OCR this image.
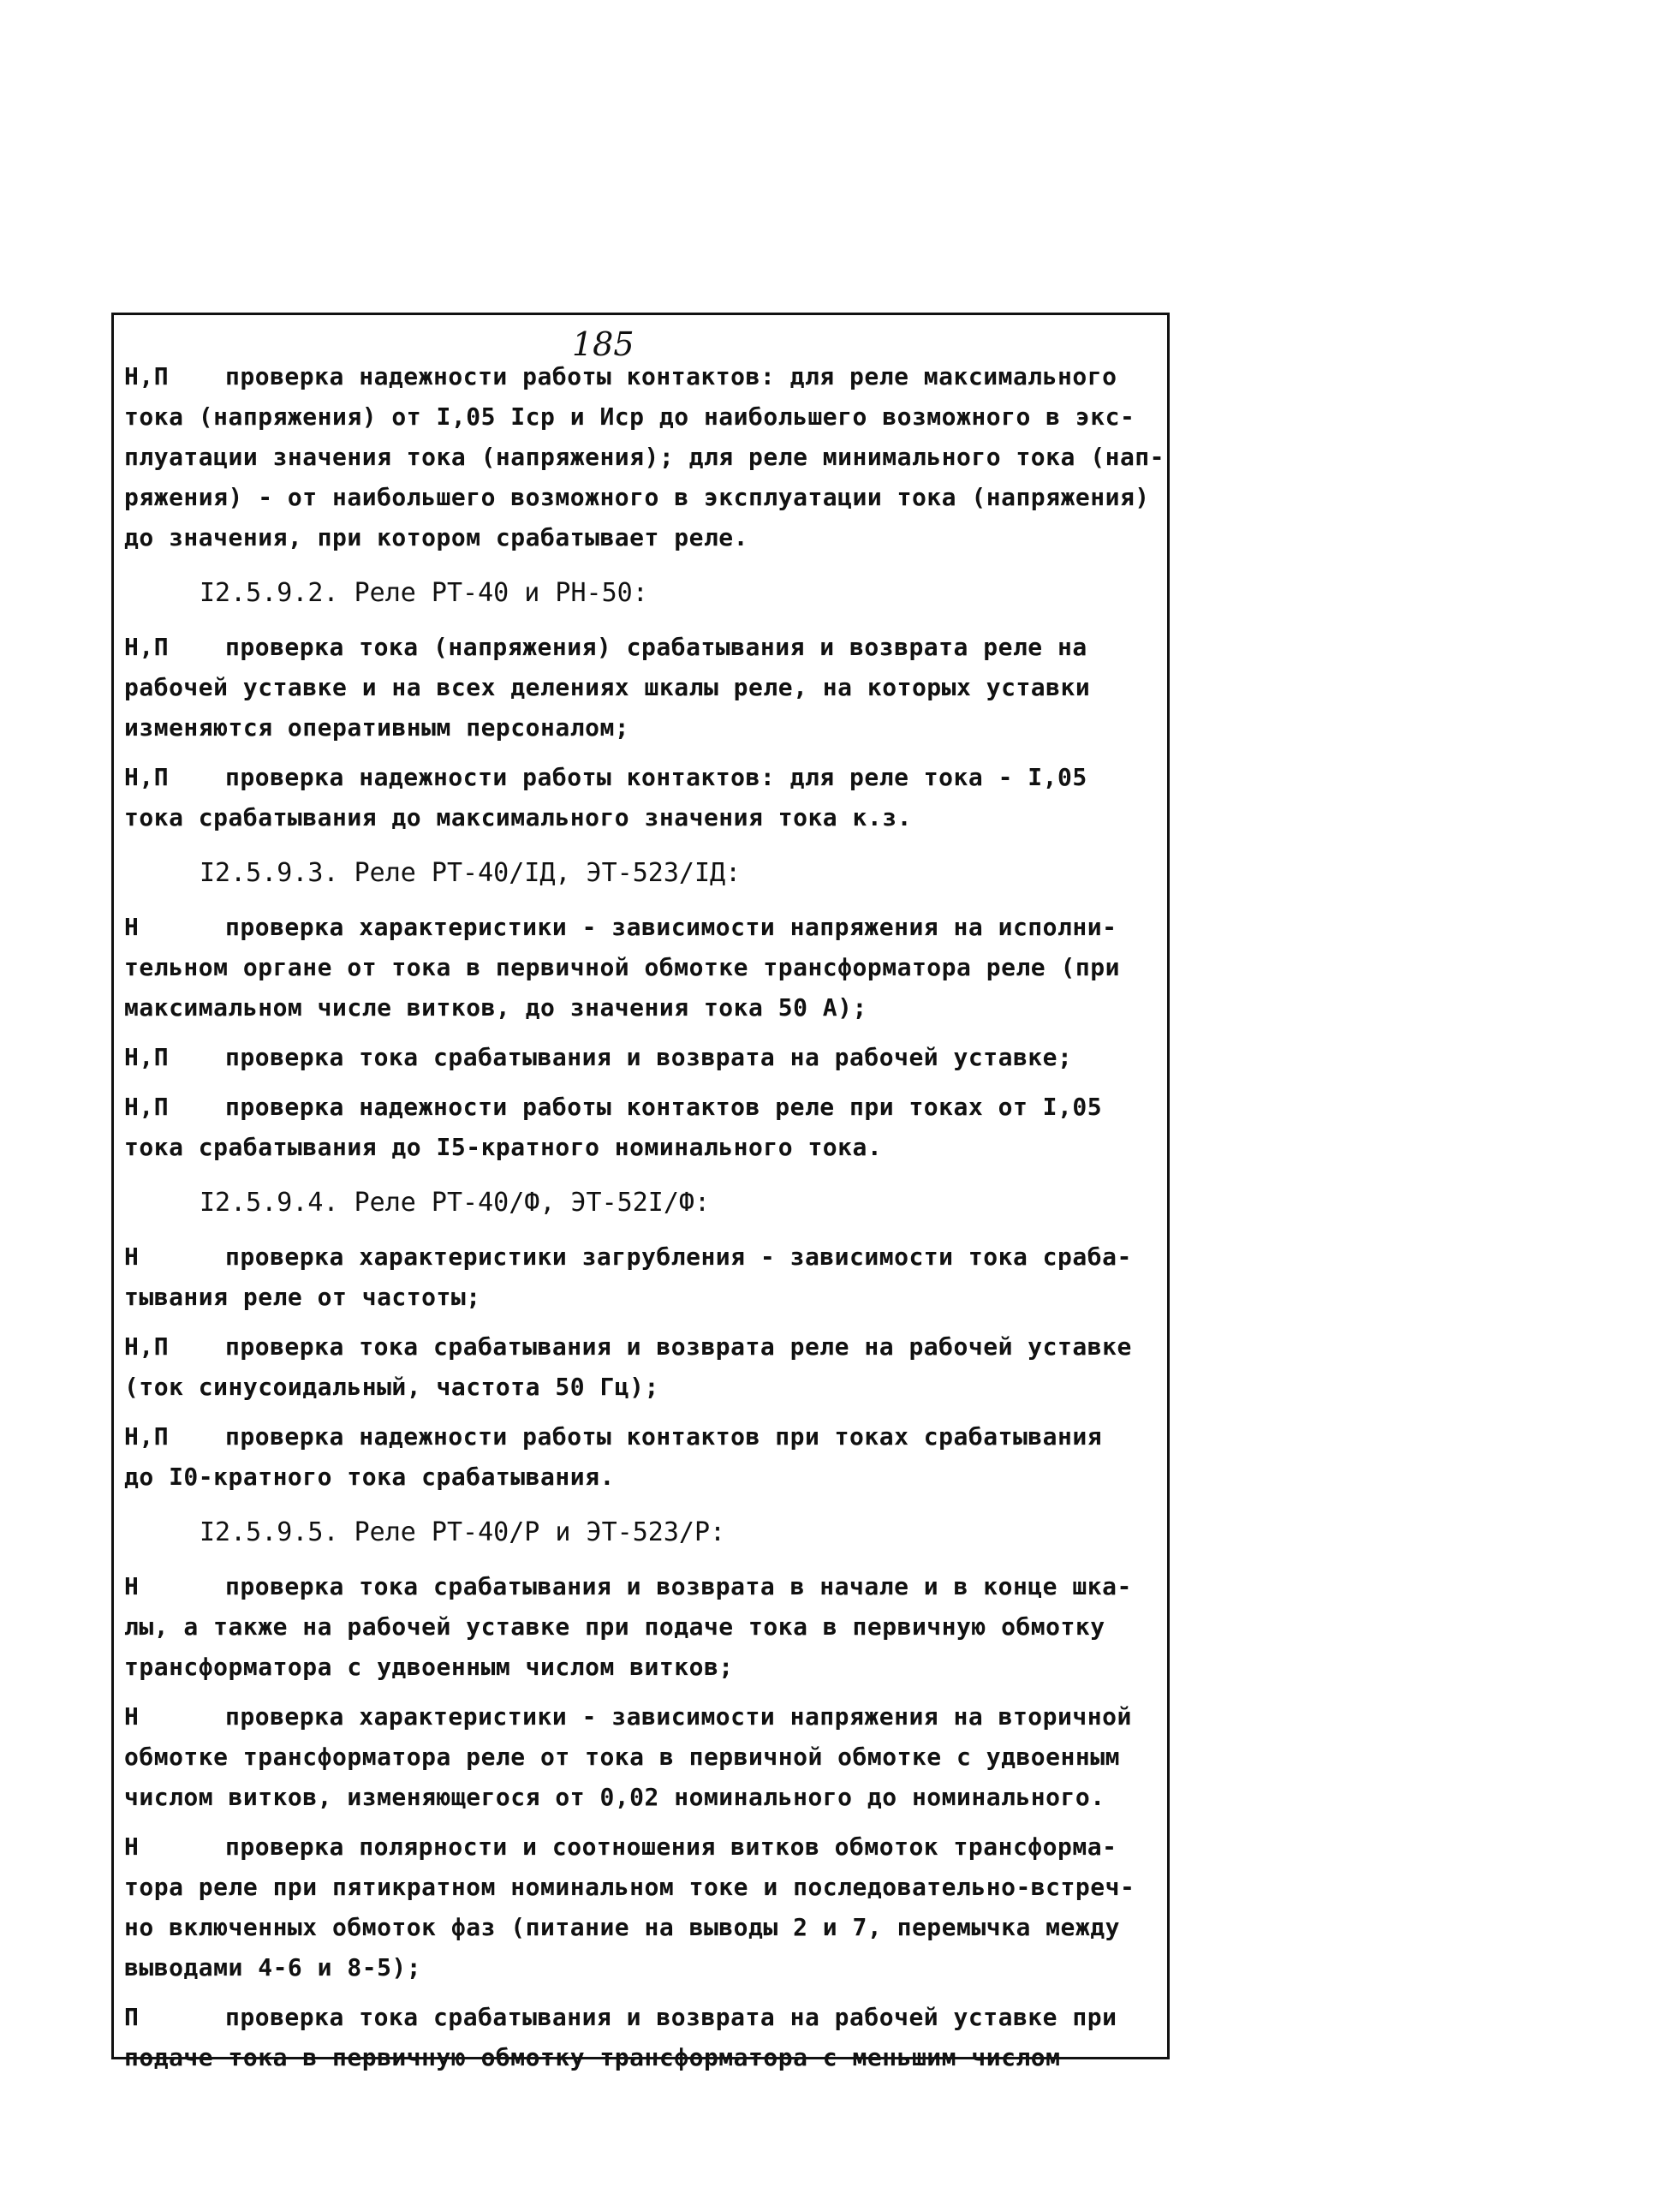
185
Н,П проверка надежности работы контактов: для реле максимального
тока (напряжения) от I,05 Iср и Иср до наибольшего возможного в экс-
плуатации значения тока (напряжения); для реле минимального тока (нап-
ряжения) - от наибольшего возможного в эксплуатации тока (напряжения)
до значения, при котором срабатывает реле.
I2.5.9.2. Реле РТ-40 и РН-50:
Н,П проверка тока (напряжения) срабатывания и возврата реле на
рабочей уставке и на всех делениях шкалы реле, на которых уставки
изменяются оперативным персоналом;
Н,П проверка надежности работы контактов: для реле тока - I,05
тока срабатывания до максимального значения тока к.з.
I2.5.9.3. Реле РТ-40/IД, ЭТ-523/IД:
Н	проверка характеристики - зависимости напряжения на исполни-
тельном органе от тока в первичной обмотке трансформатора реле (при
максимальном числе витков, до значения тока 50 А);
Н,П проверка тока срабатывания и возврата на рабочей уставке;
Н,П проверка надежности работы контактов реле при токах от I,05
тока срабатывания до I5-кратного номинального тока.
I2.5.9.4. Реле РТ-40/Ф, ЭТ-52I/Ф:
Н	проверка характеристики загрубления - зависимости тока сраба-
тывания реле от частоты;
Н,П проверка тока срабатывания и возврата реле на рабочей уставке
(ток синусоидальный, частота 50 Гц);
Н,П проверка надежности работы контактов при токах срабатывания
до I0-кратного тока срабатывания.
I2.5.9.5. Реле РТ-40/Р и ЭТ-523/Р:
Н	проверка тока срабатывания и возврата в начале и в конце шка-
лы, а также на рабочей уставке при подаче тока в первичную обмотку
трансформатора с удвоенным числом витков;
Н	проверка характеристики - зависимости напряжения на вторичной
обмотке трансформатора реле от тока в первичной обмотке с удвоенным
числом витков, изменяющегося от 0,02 номинального до номинального.
Н	проверка полярности и соотношения витков обмоток трансформа-
тора реле при пятикратном номинальном токе и последовательно-встреч-
но включенных обмоток фаз (питание на выводы 2 и 7, перемычка между
выводами 4-6 и 8-5);
П	проверка тока срабатывания и возврата на рабочей уставке при
подаче тока в первичную обмотку трансформатора с меньшим числом
